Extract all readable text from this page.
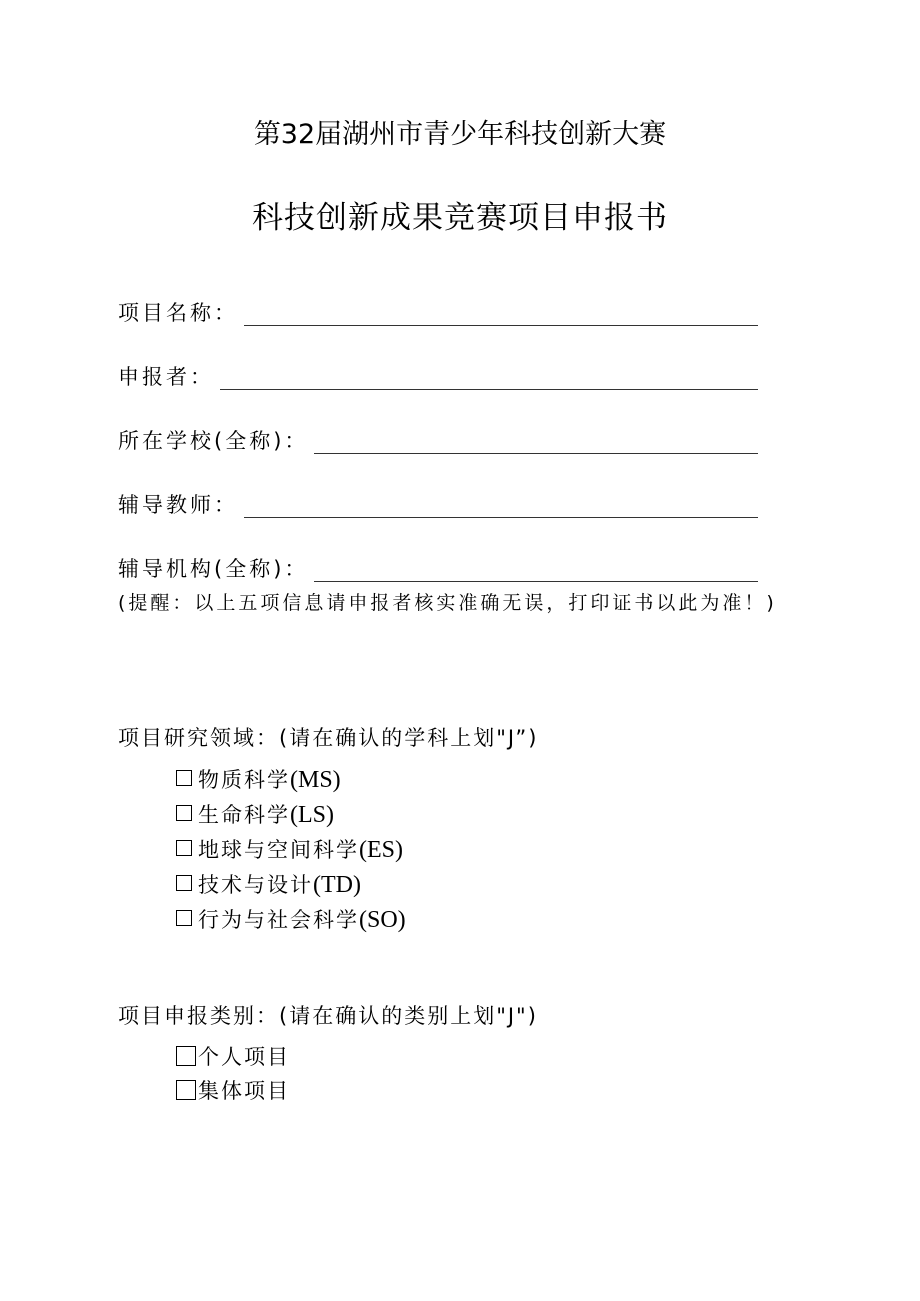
第32届湖州市青少年科技创新大赛
科技创新成果竞赛项目申报书
项目名称：
申报者：
所在学校(全称)：
辅导教师：
辅导机构(全称)：
(提醒：以上五项信息请申报者核实准确无误，打印证书以此为准！)
项目研究领域：(请在确认的学科上划"J”)
物质科学(MS)
生命科学(LS)
地球与空间科学(ES)
技术与设计(TD)
行为与社会科学(SO)
项目申报类别：(请在确认的类别上划"J")
个人项目
集体项目
